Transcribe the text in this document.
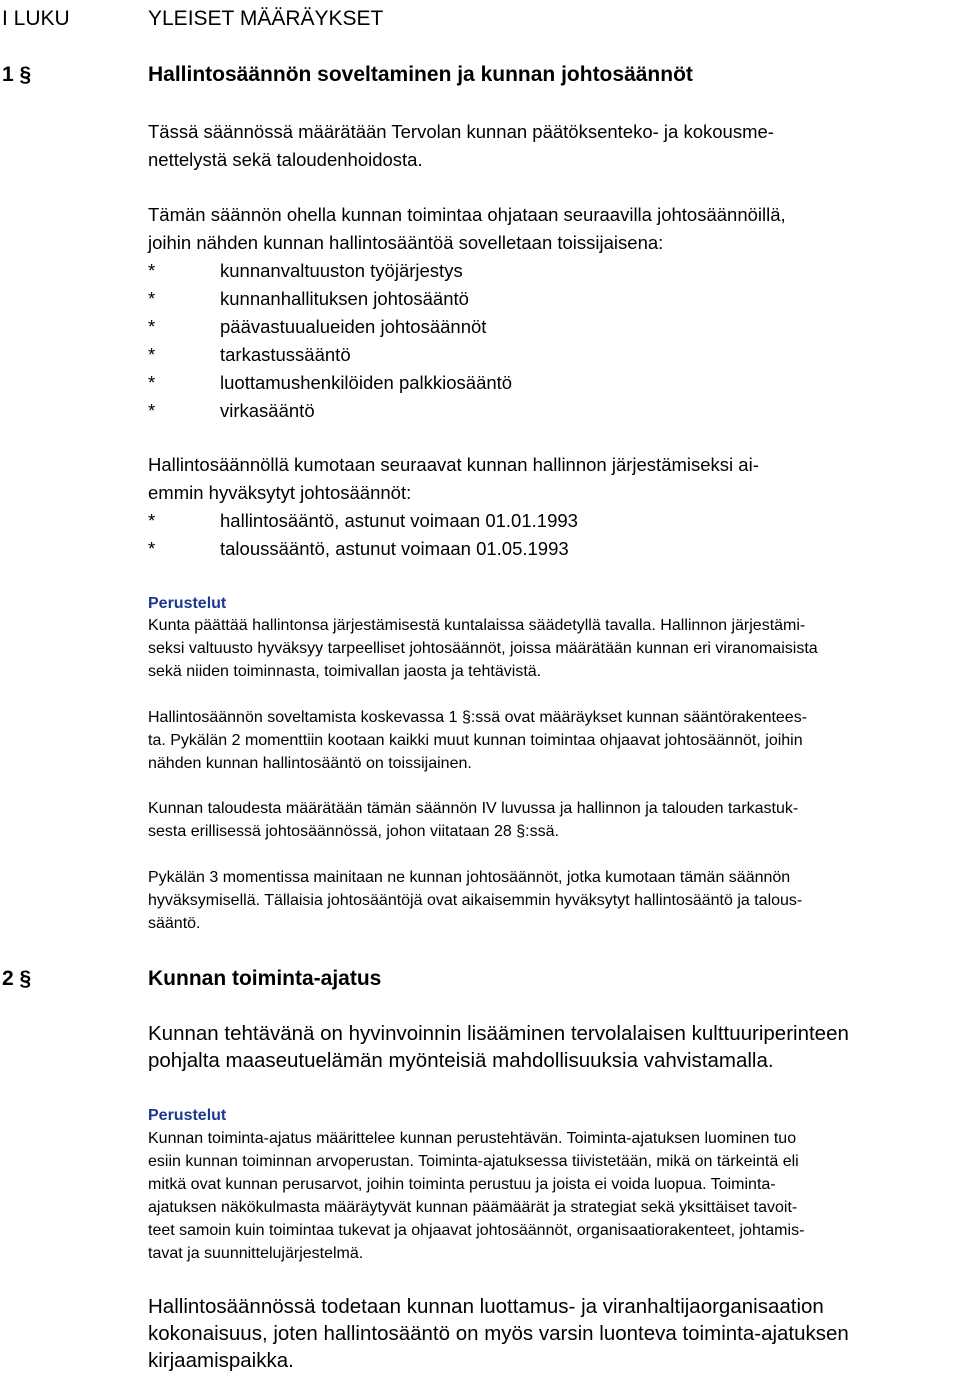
I LUKU	YLEISET MÄÄRÄYKSET
1 §	Hallintosäännön soveltaminen ja kunnan johtosäännöt

Tässä säännössä määrätään Tervolan kunnan päätöksenteko- ja kokousme-

nettelystä sekä taloudenhoidosta.

Tämän säännön ohella kunnan toimintaa ohjataan seuraavilla johtosäännöillä,

joihin nähden kunnan hallintosääntöä sovelletaan toissijaisena:

*	kunnanvaltuuston työjärjestys
*	kunnanhallituksen johtosääntö
*	päävastuualueiden johtosäännöt
*	tarkastussääntö
*	luottamushenkilöiden palkkiosääntö
*	virkasääntö

Hallintosäännöllä kumotaan seuraavat kunnan hallinnon järjestämiseksi ai-

emmin hyväksytyt johtosäännöt:

*	hallintosääntö, astunut voimaan 01.01.1993
*	taloussääntö, astunut voimaan 01.05.1993
Perustelut

Kunta päättää hallintonsa järjestämisestä kuntalaissa säädetyllä tavalla. Hallinnon järjestämi-

seksi valtuusto hyväksyy tarpeelliset johtosäännöt, joissa määrätään kunnan eri viranomaisista

sekä niiden toiminnasta, toimivallan jaosta ja tehtävistä.

Hallintosäännön soveltamista koskevassa 1 §:ssä ovat määräykset kunnan sääntörakentees-

ta. Pykälän 2 momenttiin kootaan kaikki muut kunnan toimintaa ohjaavat johtosäännöt, joihin

nähden kunnan hallintosääntö on toissijainen.

Kunnan taloudesta määrätään tämän säännön IV luvussa ja hallinnon ja talouden tarkastuk-

sesta erillisessä johtosäännössä, johon viitataan 28 §:ssä.

Pykälän 3 momentissa mainitaan ne kunnan johtosäännöt, jotka kumotaan tämän säännön

hyväksymisellä. Tällaisia johtosääntöjä ovat aikaisemmin hyväksytyt hallintosääntö ja talous-

sääntö.

2 §	Kunnan toiminta-ajatus

Kunnan tehtävänä on hyvinvoinnin lisääminen tervolalaisen kulttuuriperinteen

pohjalta maaseutuelämän myönteisiä mahdollisuuksia vahvistamalla.

Perustelut

Kunnan toiminta-ajatus määrittelee kunnan perustehtävän. Toiminta-ajatuksen luominen tuo

esiin kunnan toiminnan arvoperustan. Toiminta-ajatuksessa tiivistetään, mikä on tärkeintä eli

mitkä ovat kunnan perusarvot, joihin toiminta perustuu ja joista ei voida luopua. Toiminta-

ajatuksen näkökulmasta määräytyvät kunnan päämäärät ja strategiat sekä yksittäiset tavoit-

teet samoin kuin toimintaa tukevat ja ohjaavat johtosäännöt, organisaatiorakenteet, johtamis-

tavat ja suunnittelujärjestelmä.

Hallintosäännössä todetaan kunnan luottamus- ja viranhaltijaorganisaation

kokonaisuus, joten hallintosääntö on myös varsin luonteva toiminta-ajatuksen

kirjaamispaikka.
